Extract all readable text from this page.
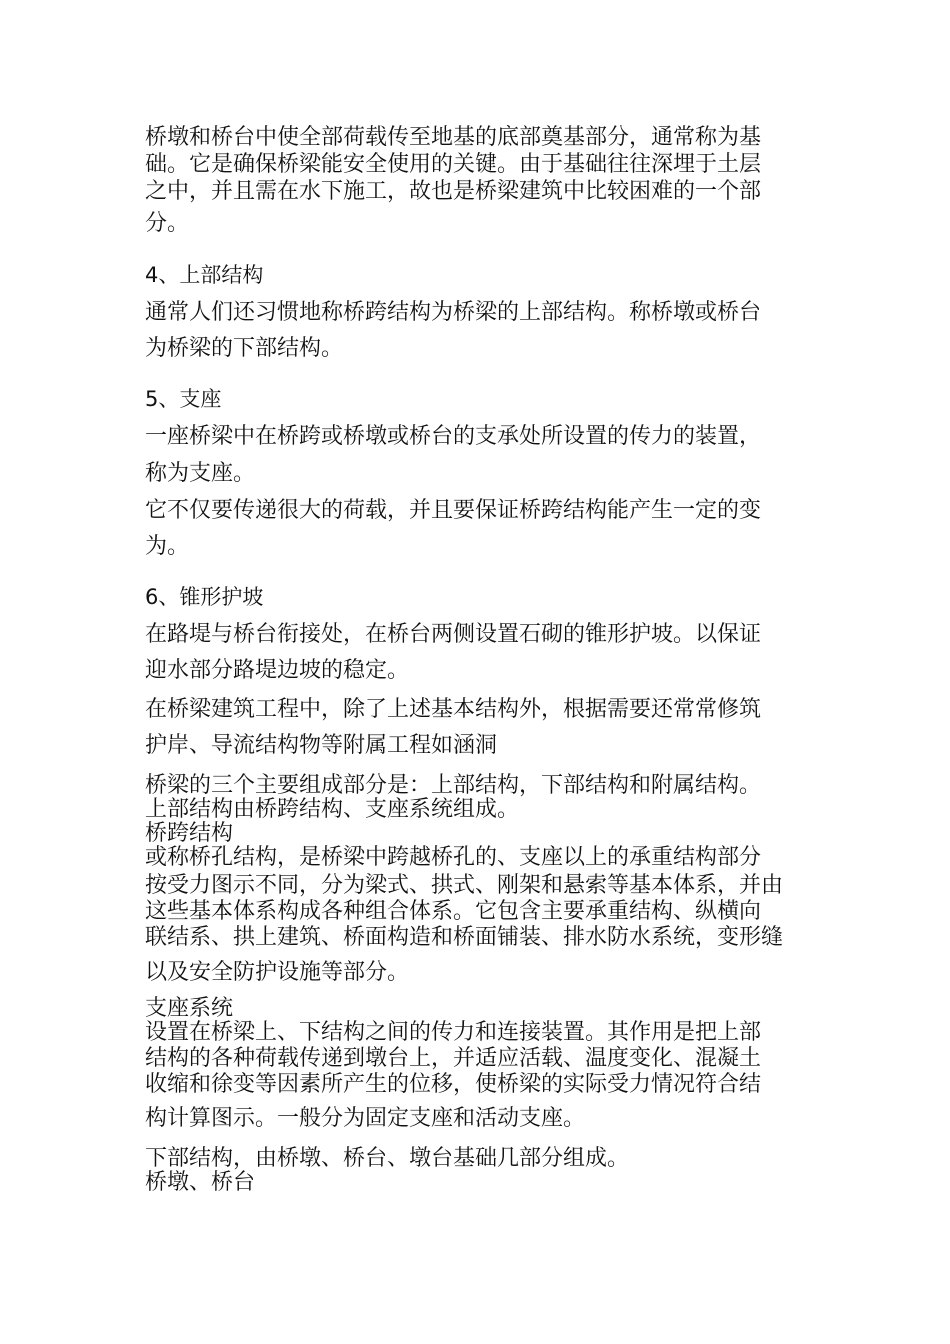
桥墩和桥台中使全部荷载传至地基的底部奠基部分，通常称为基
础。它是确保桥梁能安全使用的关键。由于基础往往深埋于土层
之中，并且需在水下施工，故也是桥梁建筑中比较困难的一个部
分。
4、上部结构
通常人们还习惯地称桥跨结构为桥梁的上部结构。称桥墩或桥台
为桥梁的下部结构。
5、支座
一座桥梁中在桥跨或桥墩或桥台的支承处所设置的传力的装置，
称为支座。
它不仅要传递很大的荷载，并且要保证桥跨结构能产生一定的变
为。
6、锥形护坡
在路堤与桥台衔接处，在桥台两侧设置石砌的锥形护坡。以保证
迎水部分路堤边坡的稳定。
在桥梁建筑工程中，除了上述基本结构外，根据需要还常常修筑
护岸、导流结构物等附属工程如涵洞
桥梁的三个主要组成部分是：上部结构，下部结构和附属结构。
上部结构由桥跨结构、支座系统组成。
桥跨结构
或称桥孔结构，是桥梁中跨越桥孔的、支座以上的承重结构部分
按受力图示不同，分为梁式、拱式、刚架和悬索等基本体系，并由
这些基本体系构成各种组合体系。它包含主要承重结构、纵横向
联结系、拱上建筑、桥面构造和桥面铺装、排水防水系统，变形缝
以及安全防护设施等部分。
支座系统
设置在桥梁上、下结构之间的传力和连接装置。其作用是把上部
结构的各种荷载传递到墩台上，并适应活载、温度变化、混凝土
收缩和徐变等因素所产生的位移，使桥梁的实际受力情况符合结
构计算图示。一般分为固定支座和活动支座。
下部结构，由桥墩、桥台、墩台基础几部分组成。
桥墩、桥台
